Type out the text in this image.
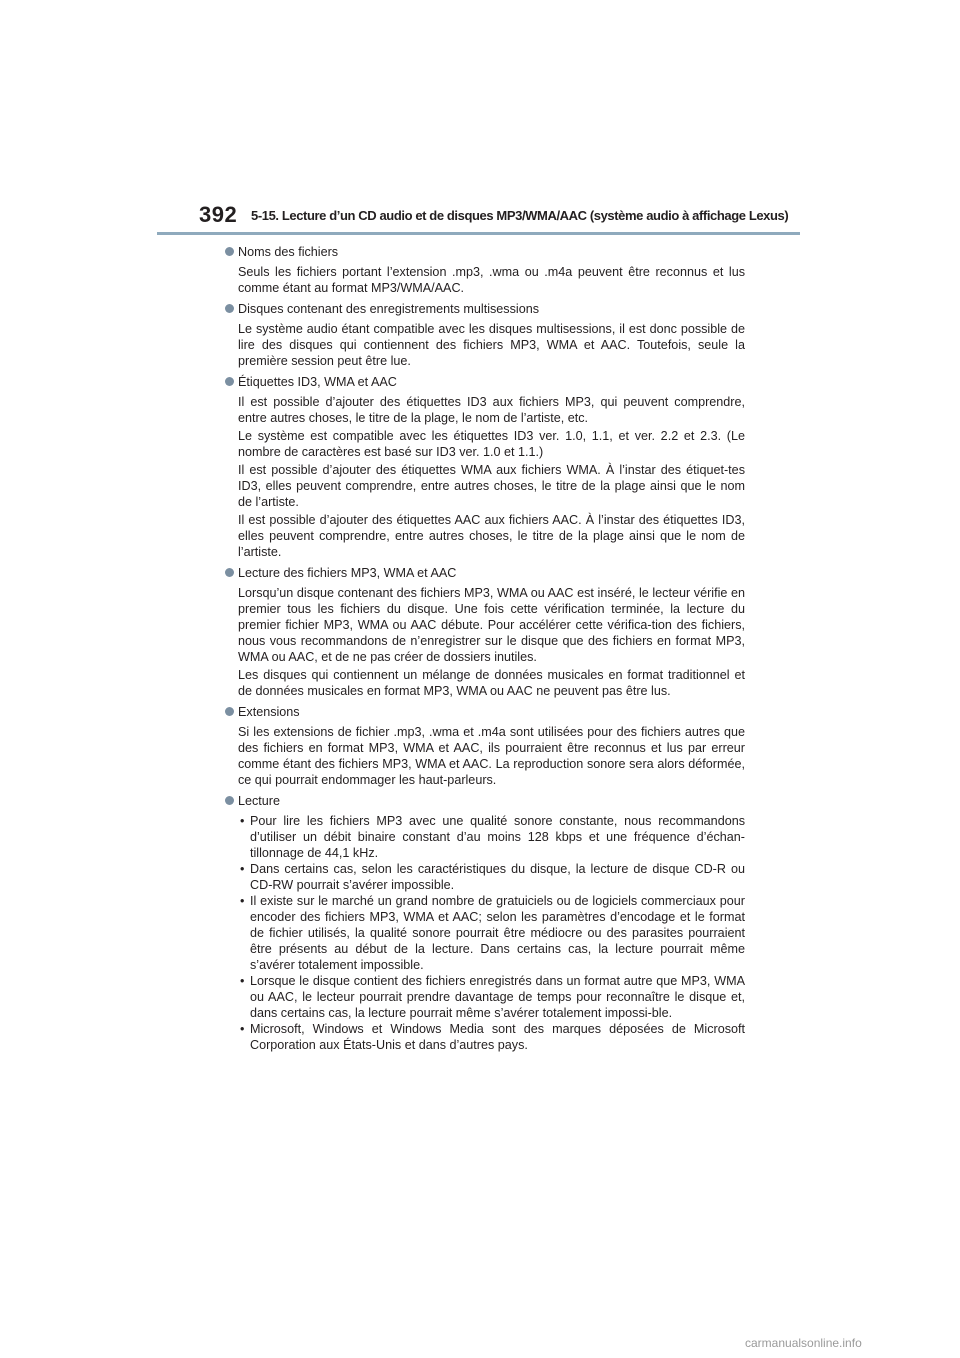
392 5-15. Lecture d’un CD audio et de disques MP3/WMA/AAC (système audio à affichage Lexus)
Noms des fichiers

Seuls les fichiers portant l’extension .mp3, .wma ou .m4a peuvent être reconnus et lus comme étant au format MP3/WMA/AAC.

Disques contenant des enregistrements multisessions

Le système audio étant compatible avec les disques multisessions, il est donc possible de lire des disques qui contiennent des fichiers MP3, WMA et AAC. Toutefois, seule la première session peut être lue.

Étiquettes ID3, WMA et AAC

Il est possible d’ajouter des étiquettes ID3 aux fichiers MP3, qui peuvent comprendre, entre autres choses, le titre de la plage, le nom de l’artiste, etc.

Le système est compatible avec les étiquettes ID3 ver. 1.0, 1.1, et ver. 2.2 et 2.3. (Le nombre de caractères est basé sur ID3 ver. 1.0 et 1.1.)

Il est possible d’ajouter des étiquettes WMA aux fichiers WMA. À l’instar des étiquet-tes ID3, elles peuvent comprendre, entre autres choses, le titre de la plage ainsi que le nom de l’artiste.

Il est possible d’ajouter des étiquettes AAC aux fichiers AAC. À l’instar des étiquettes ID3, elles peuvent comprendre, entre autres choses, le titre de la plage ainsi que le nom de l’artiste.

Lecture des fichiers MP3, WMA et AAC

Lorsqu’un disque contenant des fichiers MP3, WMA ou AAC est inséré, le lecteur vérifie en premier tous les fichiers du disque. Une fois cette vérification terminée, la lecture du premier fichier MP3, WMA ou AAC débute. Pour accélérer cette vérifica-tion des fichiers, nous vous recommandons de n’enregistrer sur le disque que des fichiers en format MP3, WMA ou AAC, et de ne pas créer de dossiers inutiles.

Les disques qui contiennent un mélange de données musicales en format traditionnel et de données musicales en format MP3, WMA ou AAC ne peuvent pas être lus.

Extensions

Si les extensions de fichier .mp3, .wma et .m4a sont utilisées pour des fichiers autres que des fichiers en format MP3, WMA et AAC, ils pourraient être reconnus et lus par erreur comme étant des fichiers MP3, WMA et AAC. La reproduction sonore sera alors déformée, ce qui pourrait endommager les haut-parleurs.

Lecture
• Pour lire les fichiers MP3 avec une qualité sonore constante, nous recommandons d’utiliser un débit binaire constant d’au moins 128 kbps et une fréquence d’échan-tillonnage de 44,1 kHz.
• Dans certains cas, selon les caractéristiques du disque, la lecture de disque CD-R ou CD-RW pourrait s’avérer impossible.
• Il existe sur le marché un grand nombre de gratuiciels ou de logiciels commerciaux pour encoder des fichiers MP3, WMA et AAC; selon les paramètres d’encodage et le format de fichier utilisés, la qualité sonore pourrait être médiocre ou des parasites pourraient être présents au début de la lecture. Dans certains cas, la lecture pourrait même s’avérer totalement impossible.
• Lorsque le disque contient des fichiers enregistrés dans un format autre que MP3, WMA ou AAC, le lecteur pourrait prendre davantage de temps pour reconnaître le disque et, dans certains cas, la lecture pourrait même s’avérer totalement impossi-ble.
• Microsoft, Windows et Windows Media sont des marques déposées de Microsoft Corporation aux États-Unis et dans d’autres pays.
carmanualsonline.info
